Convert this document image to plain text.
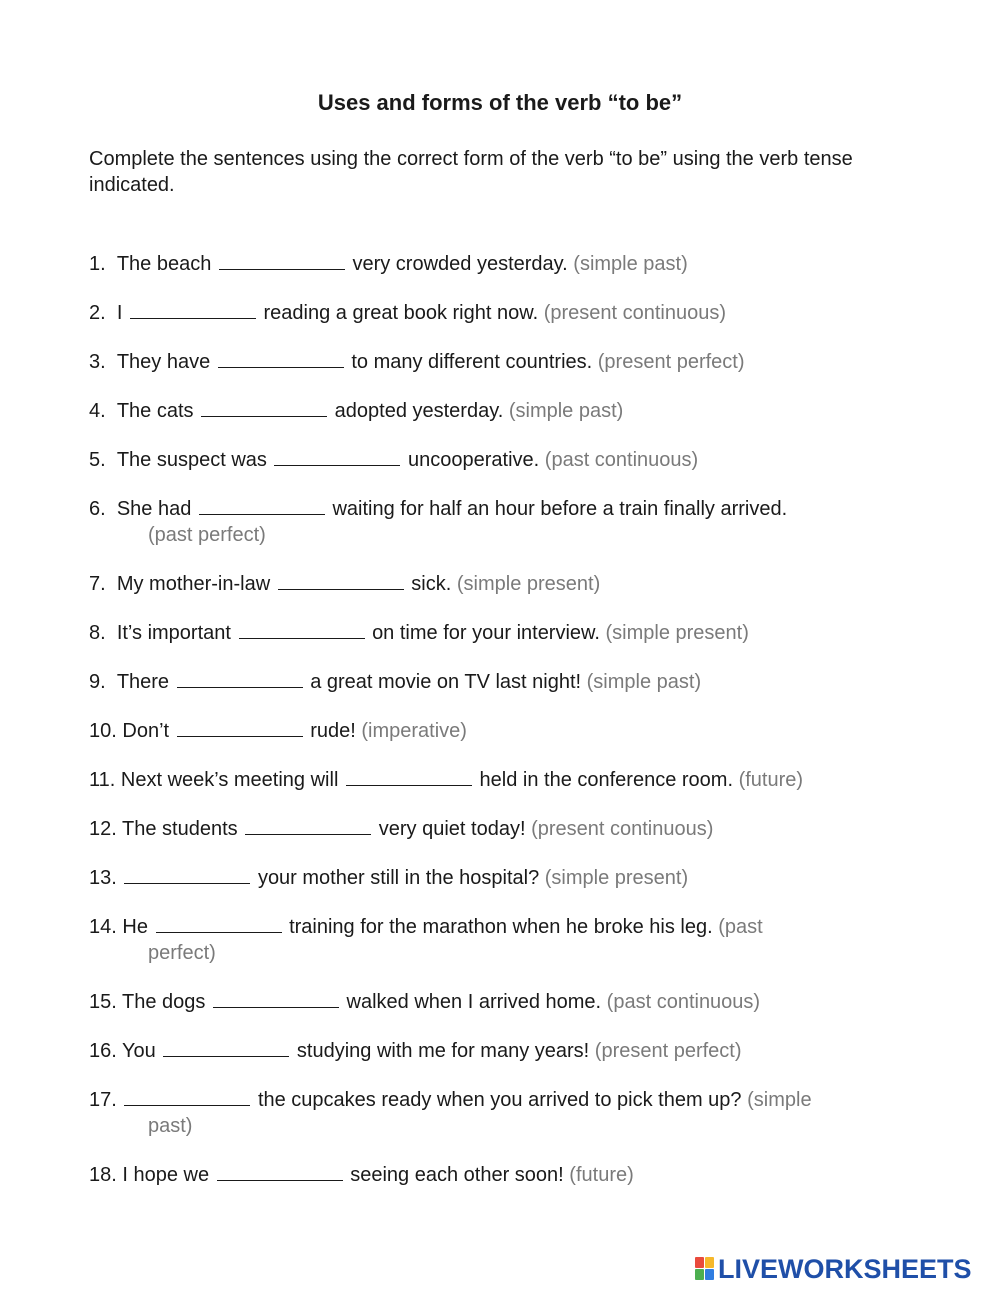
Uses and forms of the verb “to be”
Complete the sentences using the correct form of the verb “to be” using the verb tense indicated.
1. The beach	very crowded yesterday. (simple past)
2. I	reading a great book right now. (present continuous)
3. They have	to many different countries. (present perfect)
4. The cats	adopted yesterday. (simple past)
5. The suspect was	uncooperative. (past continuous)
6. She had	waiting for half an hour before a train finally arrived.
(past perfect)
7. My mother-in-law	sick. (simple present)
8. It’s important	on time for your interview. (simple present)
9. There	a great movie on TV last night! (simple past)
10. Don’t	rude! (imperative)
11. Next week’s meeting will	held in the conference room. (future)
12. The students	very quiet today! (present continuous)
13.	your mother still in the hospital? (simple present)
14. He	training for the marathon when he broke his leg. (past
perfect)
15. The dogs	walked when I arrived home. (past continuous)
16. You	studying with me for many years! (present perfect)
17.	the cupcakes ready when you arrived to pick them up? (simple
past)
18. I hope we	seeing each other soon! (future)
LIVEWORKSHEETS
